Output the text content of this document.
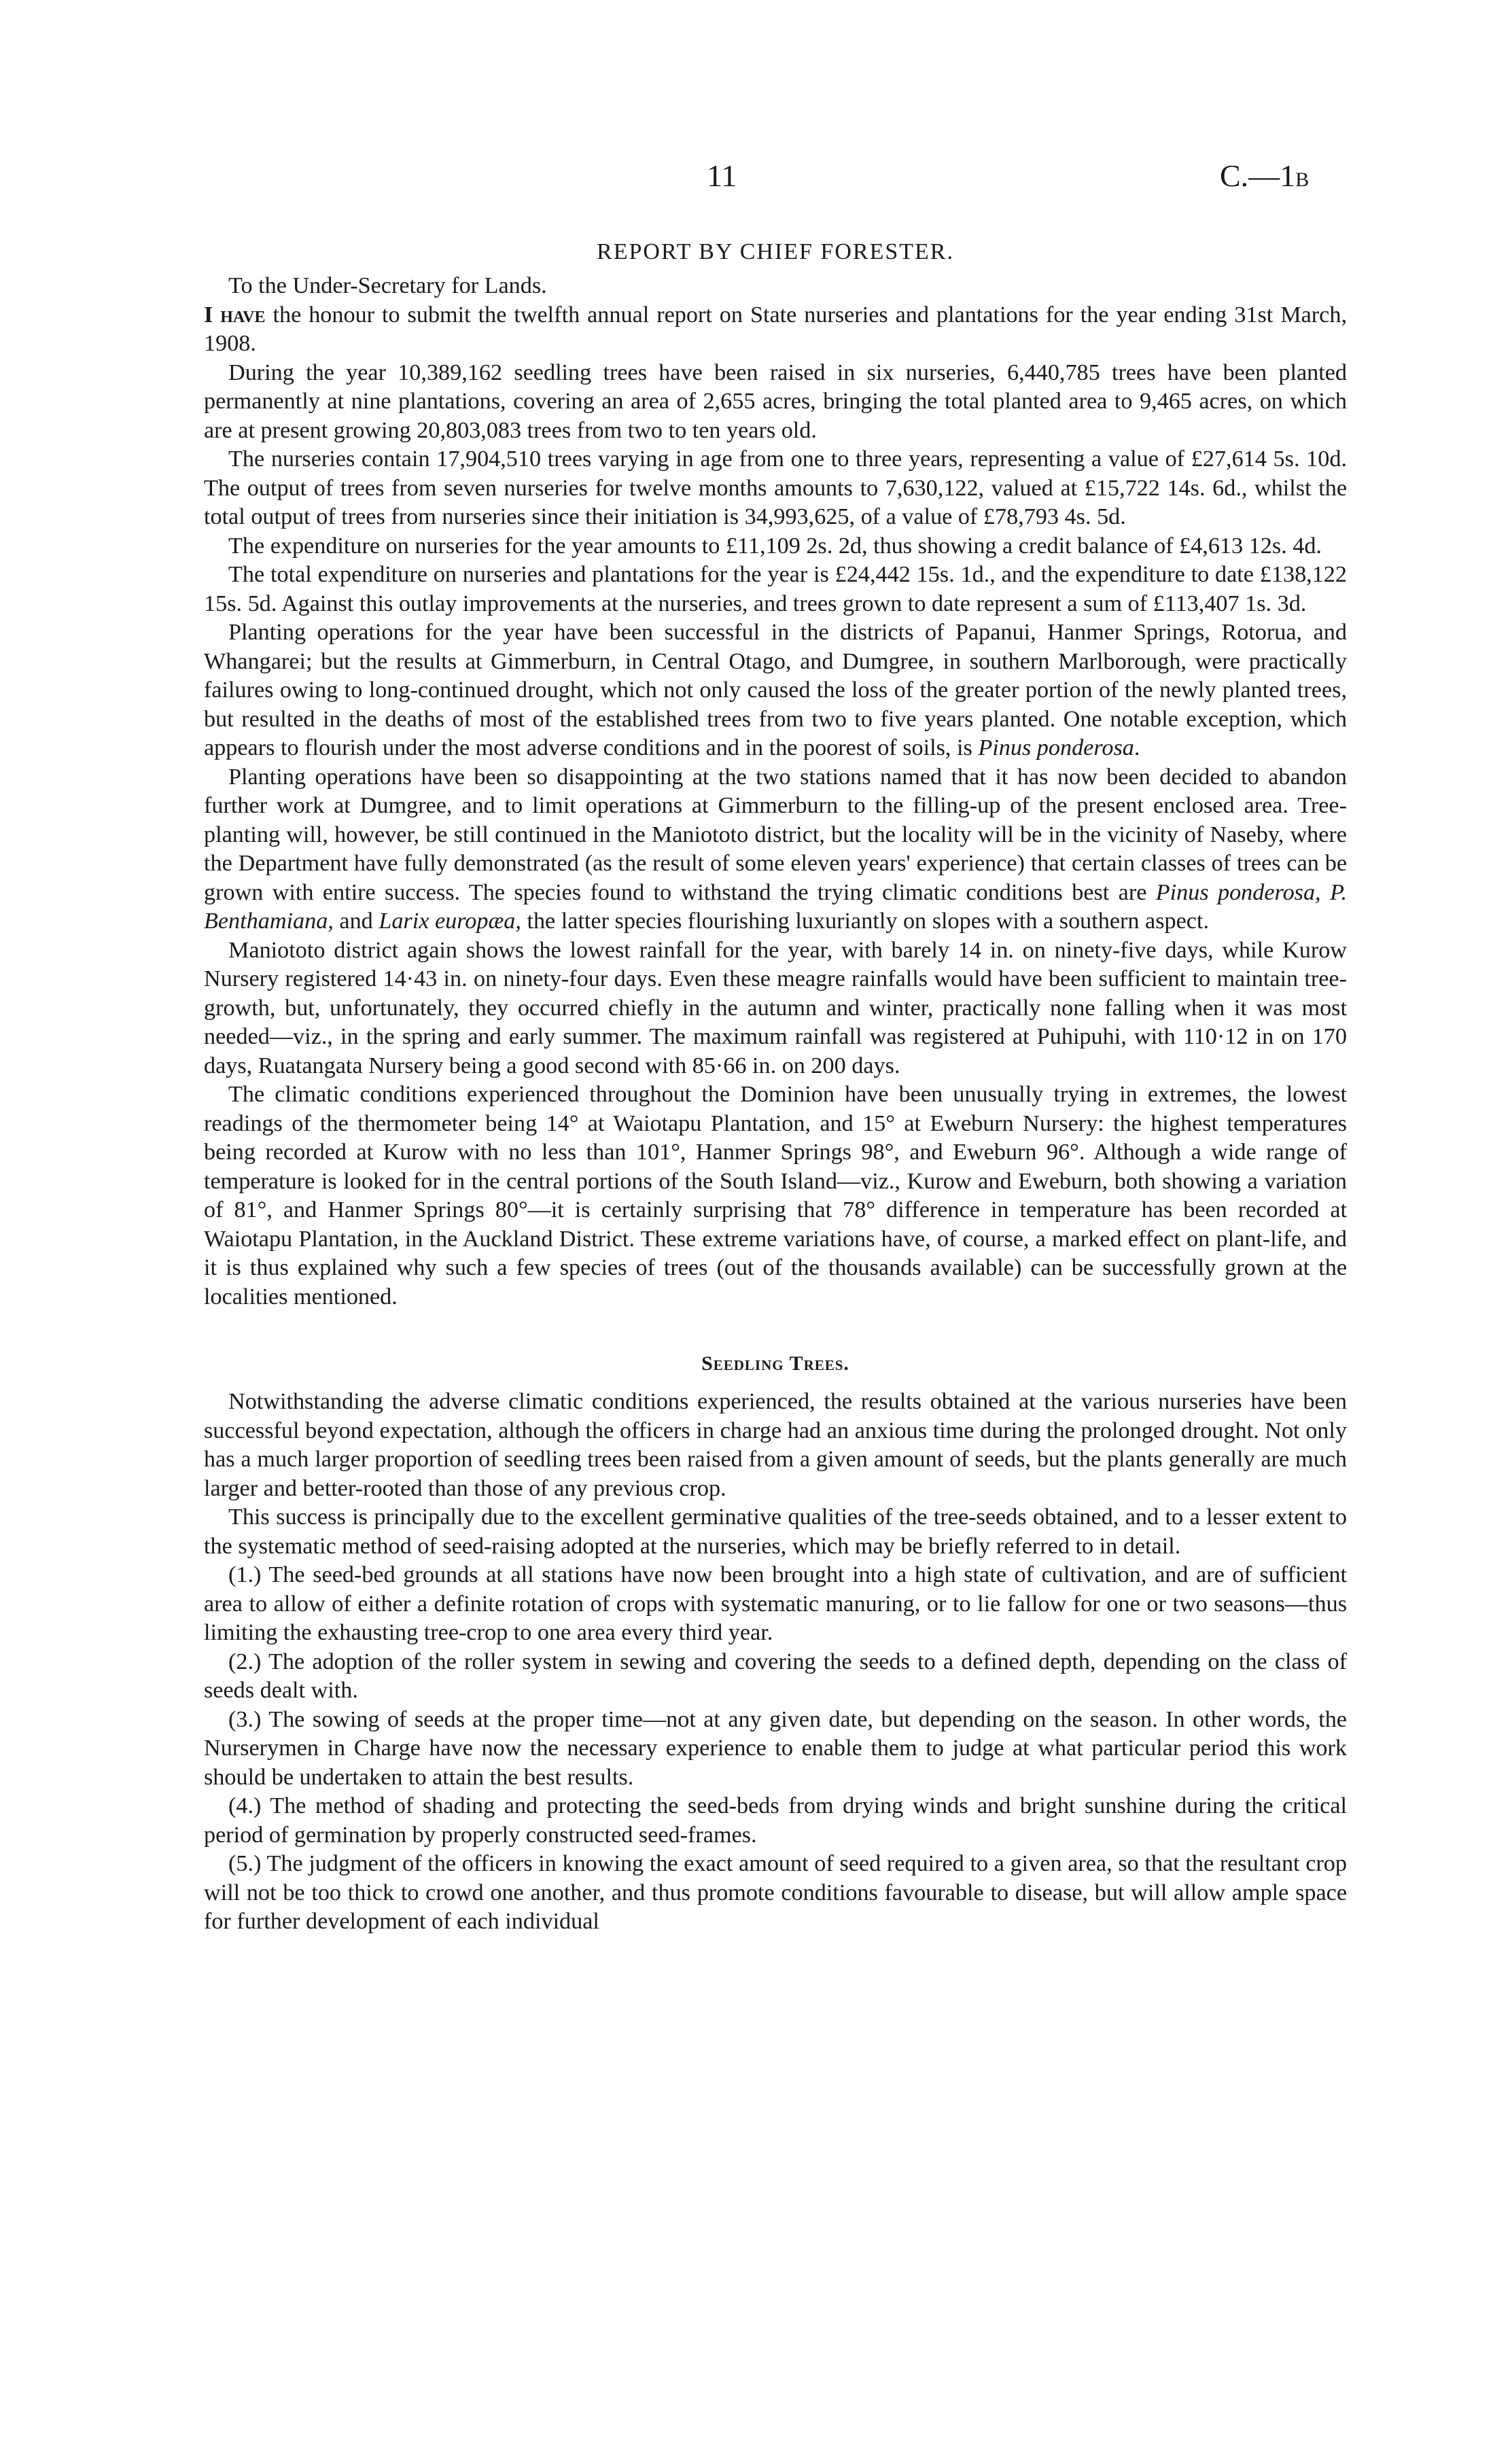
11	C.—1B
REPORT BY CHIEF FORESTER.

To the Under-Secretary for Lands.

I have the honour to submit the twelfth annual report on State nurseries and plantations for the year ending 31st March, 1908.

During the year 10,389,162 seedling trees have been raised in six nurseries, 6,440,785 trees have been planted permanently at nine plantations, covering an area of 2,655 acres, bringing the total planted area to 9,465 acres, on which are at present growing 20,803,083 trees from two to ten years old.

The nurseries contain 17,904,510 trees varying in age from one to three years, representing a value of £27,614 5s. 10d. The output of trees from seven nurseries for twelve months amounts to 7,630,122, valued at £15,722 14s. 6d., whilst the total output of trees from nurseries since their initiation is 34,993,625, of a value of £78,793 4s. 5d.

The expenditure on nurseries for the year amounts to £11,109 2s. 2d, thus showing a credit balance of £4,613 12s. 4d.

The total expenditure on nurseries and plantations for the year is £24,442 15s. 1d., and the expenditure to date £138,122 15s. 5d. Against this outlay improvements at the nurseries, and trees grown to date represent a sum of £113,407 1s. 3d.

Planting operations for the year have been successful in the districts of Papanui, Hanmer Springs, Rotorua, and Whangarei; but the results at Gimmerburn, in Central Otago, and Dumgree, in southern Marlborough, were practically failures owing to long-continued drought, which not only caused the loss of the greater portion of the newly planted trees, but resulted in the deaths of most of the established trees from two to five years planted. One notable exception, which appears to flourish under the most adverse conditions and in the poorest of soils, is Pinus ponderosa.

Planting operations have been so disappointing at the two stations named that it has now been decided to abandon further work at Dumgree, and to limit operations at Gimmerburn to the filling-up of the present enclosed area. Tree-planting will, however, be still continued in the Maniototo district, but the locality will be in the vicinity of Naseby, where the Department have fully demonstrated (as the result of some eleven years' experience) that certain classes of trees can be grown with entire success. The species found to withstand the trying climatic conditions best are Pinus ponderosa, P. Benthamiana, and Larix europæa, the latter species flourishing luxuriantly on slopes with a southern aspect.

Maniototo district again shows the lowest rainfall for the year, with barely 14 in. on ninety-five days, while Kurow Nursery registered 14·43 in. on ninety-four days. Even these meagre rainfalls would have been sufficient to maintain tree-growth, but, unfortunately, they occurred chiefly in the autumn and winter, practically none falling when it was most needed—viz., in the spring and early summer. The maximum rainfall was registered at Puhipuhi, with 110·12 in on 170 days, Ruatangata Nursery being a good second with 85·66 in. on 200 days.

The climatic conditions experienced throughout the Dominion have been unusually trying in extremes, the lowest readings of the thermometer being 14° at Waiotapu Plantation, and 15° at Eweburn Nursery: the highest temperatures being recorded at Kurow with no less than 101°, Hanmer Springs 98°, and Eweburn 96°. Although a wide range of temperature is looked for in the central portions of the South Island—viz., Kurow and Eweburn, both showing a variation of 81°, and Hanmer Springs 80°—it is certainly surprising that 78° difference in temperature has been recorded at Waiotapu Plantation, in the Auckland District. These extreme variations have, of course, a marked effect on plant-life, and it is thus explained why such a few species of trees (out of the thousands available) can be successfully grown at the localities mentioned.

Seedling Trees.

Notwithstanding the adverse climatic conditions experienced, the results obtained at the various nurseries have been successful beyond expectation, although the officers in charge had an anxious time during the prolonged drought. Not only has a much larger proportion of seedling trees been raised from a given amount of seeds, but the plants generally are much larger and better-rooted than those of any previous crop.

This success is principally due to the excellent germinative qualities of the tree-seeds obtained, and to a lesser extent to the systematic method of seed-raising adopted at the nurseries, which may be briefly referred to in detail.

(1.) The seed-bed grounds at all stations have now been brought into a high state of cultivation, and are of sufficient area to allow of either a definite rotation of crops with systematic manuring, or to lie fallow for one or two seasons—thus limiting the exhausting tree-crop to one area every third year.

(2.) The adoption of the roller system in sewing and covering the seeds to a defined depth, depending on the class of seeds dealt with.

(3.) The sowing of seeds at the proper time—not at any given date, but depending on the season. In other words, the Nurserymen in Charge have now the necessary experience to enable them to judge at what particular period this work should be undertaken to attain the best results.

(4.) The method of shading and protecting the seed-beds from drying winds and bright sunshine during the critical period of germination by properly constructed seed-frames.

(5.) The judgment of the officers in knowing the exact amount of seed required to a given area, so that the resultant crop will not be too thick to crowd one another, and thus promote conditions favourable to disease, but will allow ample space for further development of each individual
